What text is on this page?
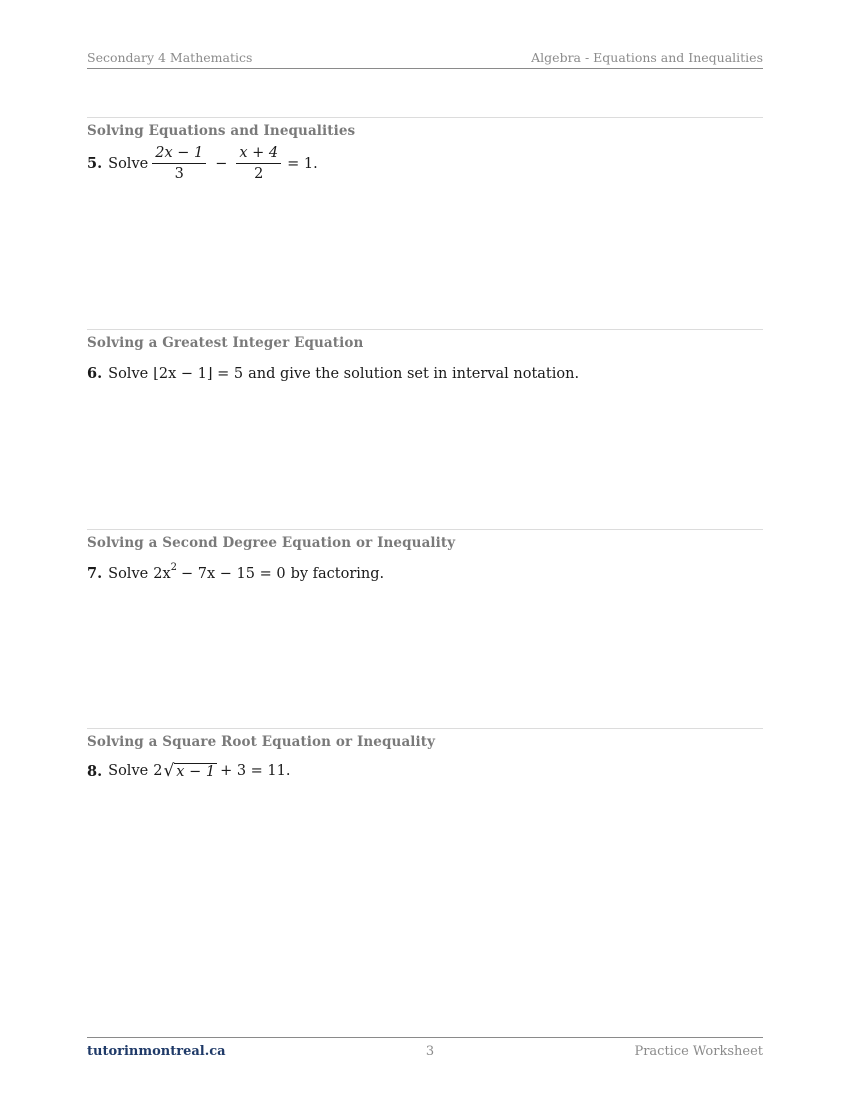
Secondary 4 Mathematics	Algebra - Equations and Inequalities
Solving Equations and Inequalities
5. Solve $\frac{2x - 1}{3} - \frac{x + 4}{2} = 1$.
Solving a Greatest Integer Equation
6. Solve ⌊2x − 1⌋ = 5 and give the solution set in interval notation.
Solving a Second Degree Equation or Inequality
7. Solve $2x^2 - 7x - 15 = 0$ by factoring.
Solving a Square Root Equation or Inequality
8. Solve 2 √ x − 1 + 3 = 11.
tutorinmontreal.ca	3	Practice Worksheet
